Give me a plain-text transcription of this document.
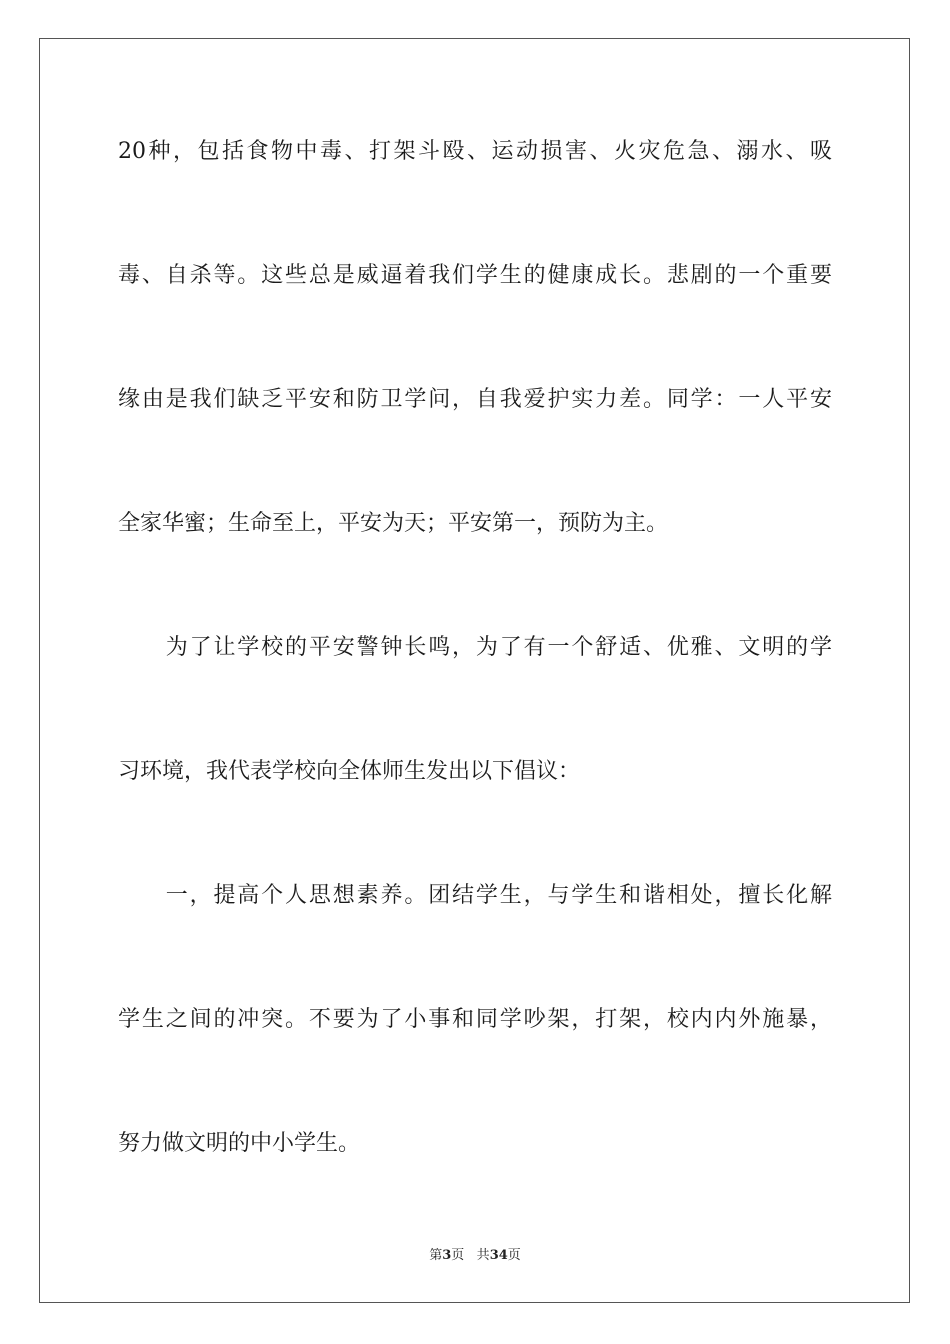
20种，包括食物中毒、打架斗殴、运动损害、火灾危急、溺水、吸
毒、自杀等。这些总是威逼着我们学生的健康成长。悲剧的一个重要
缘由是我们缺乏平安和防卫学问，自我爱护实力差。同学：一人平安
全家华蜜；生命至上，平安为天；平安第一，预防为主。
　　为了让学校的平安警钟长鸣，为了有一个舒适、优雅、文明的学
习环境，我代表学校向全体师生发出以下倡议：
　　一，提高个人思想素养。团结学生，与学生和谐相处，擅长化解
学生之间的冲突。不要为了小事和同学吵架，打架，校内内外施暴，
努力做文明的中小学生。
第3页 共34页
